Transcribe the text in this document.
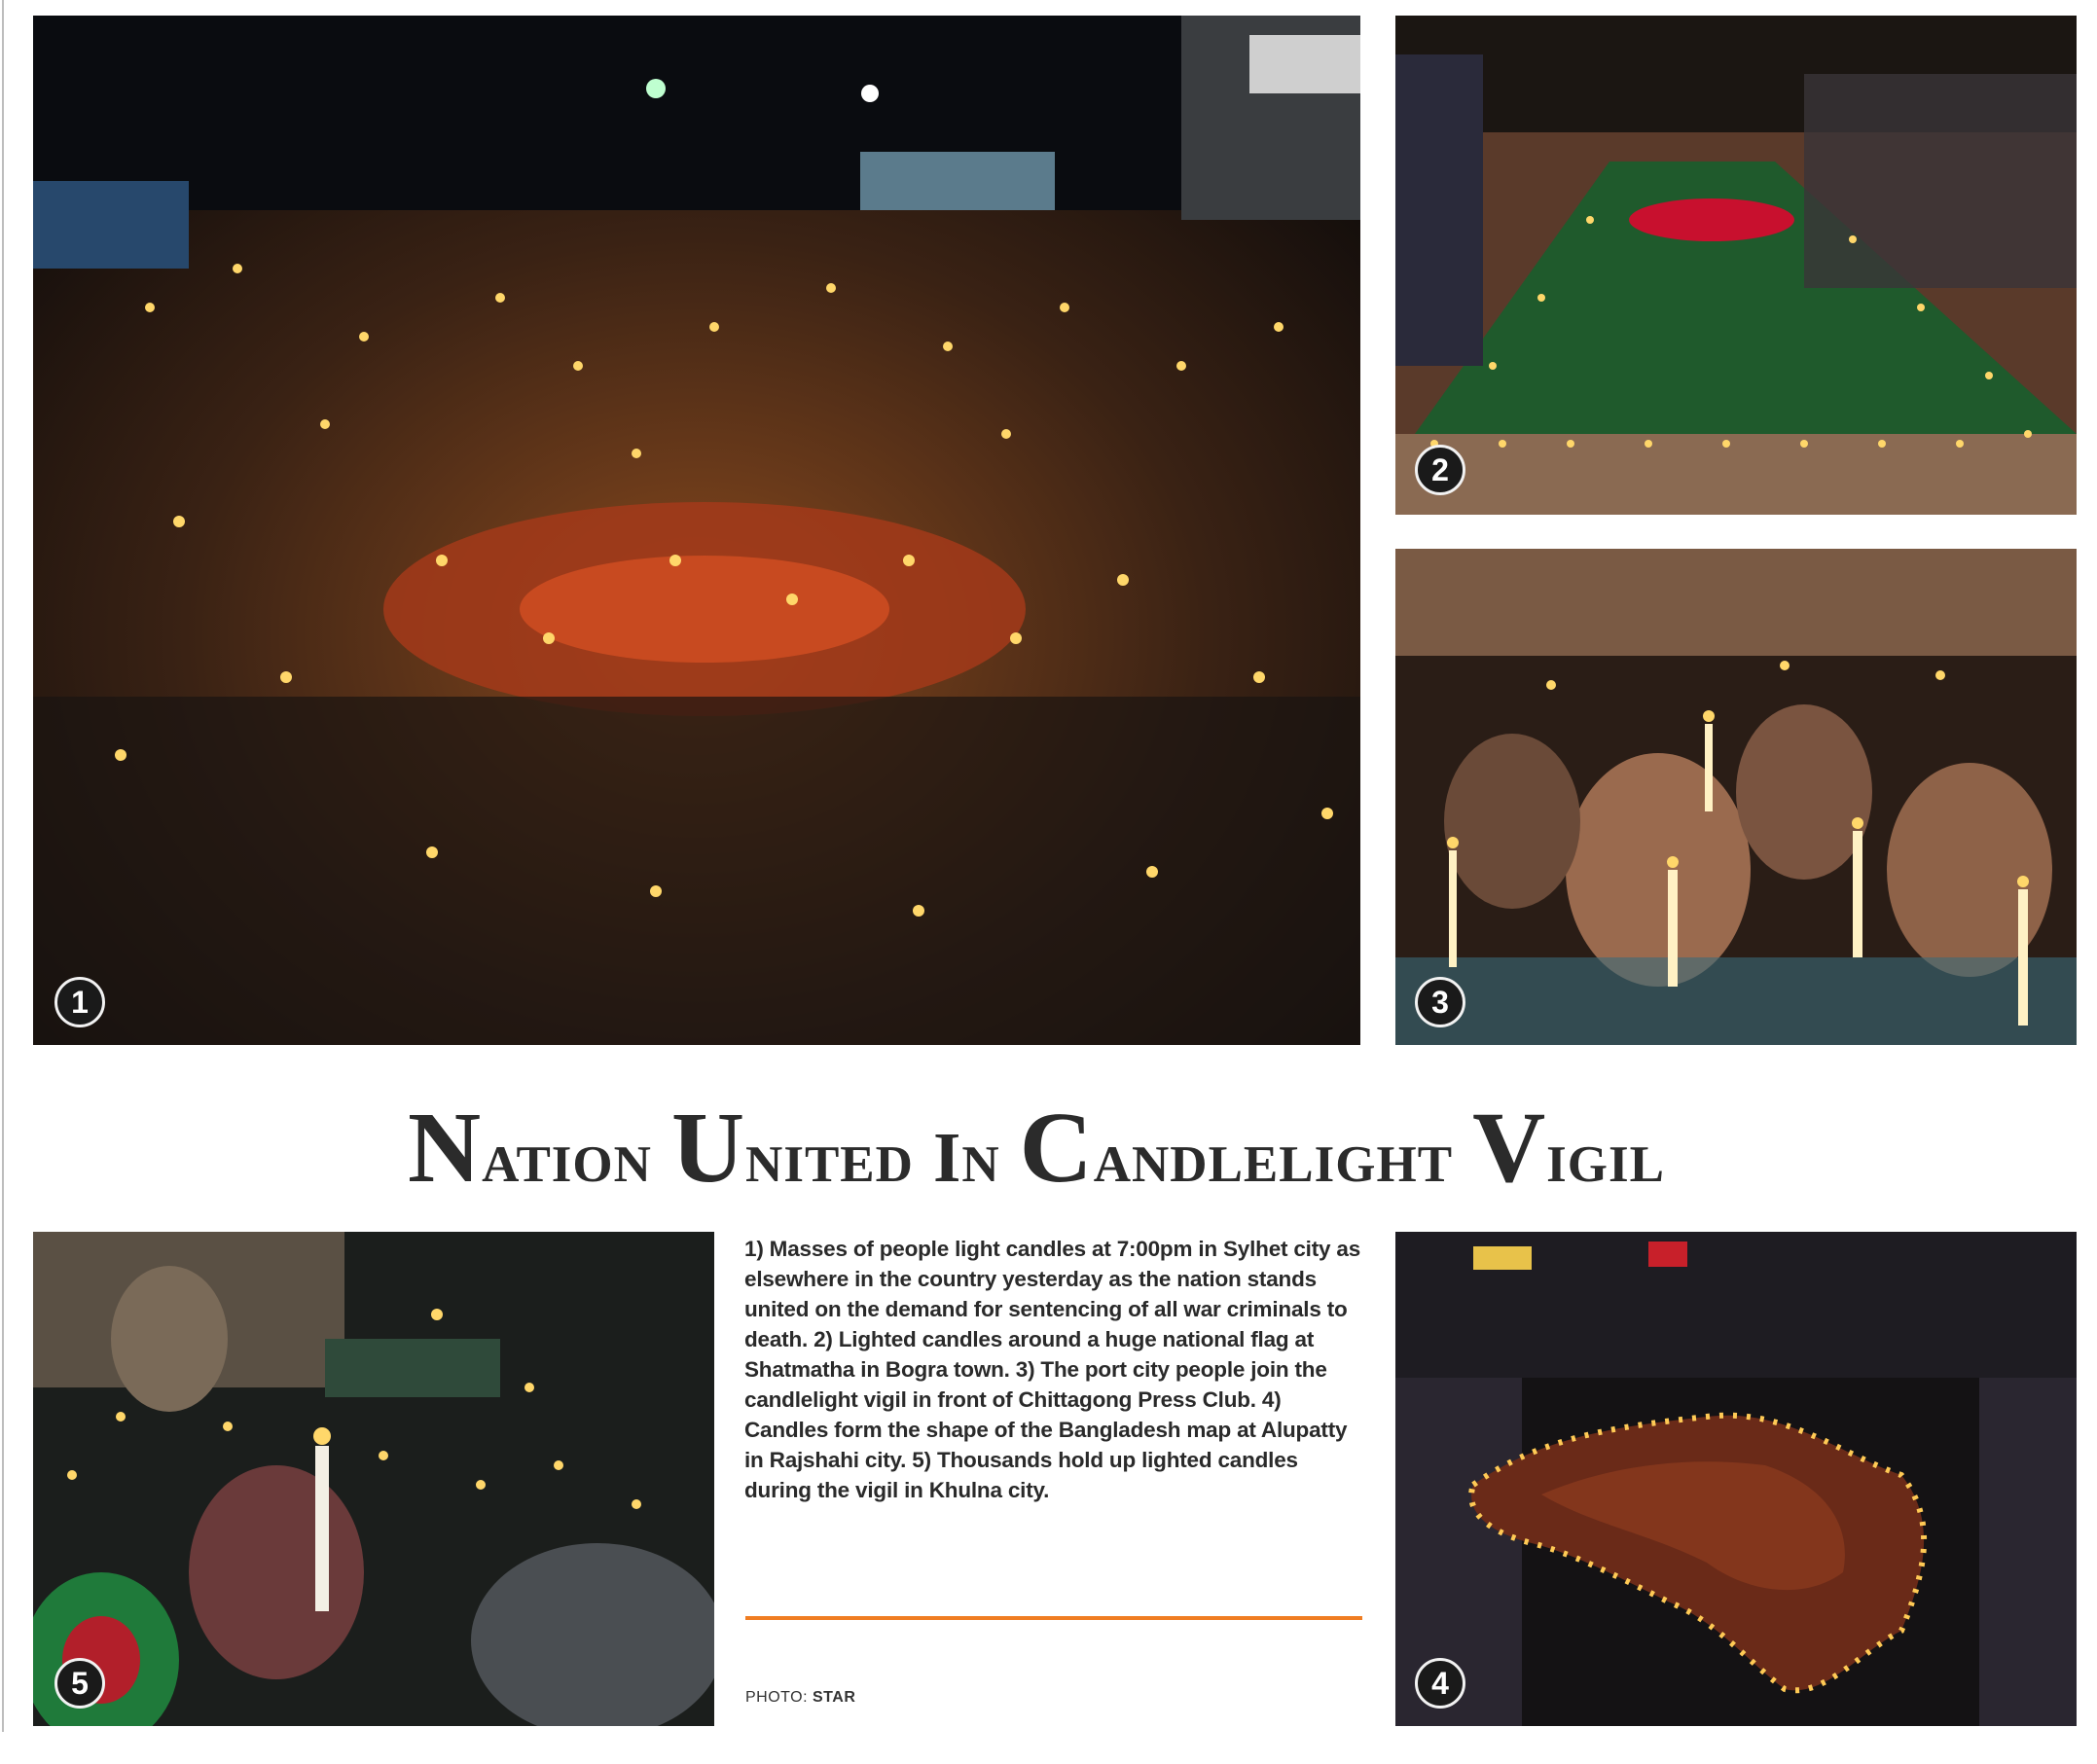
1
2
3
Nation United in Candlelight Vigil
5
1) Masses of people light candles at 7:00pm in Sylhet city as elsewhere in the country yesterday as the nation stands united on the demand for sentencing of all war criminals to death. 2) Lighted candles around a huge national flag at Shatmatha in Bogra town. 3) The port city people join the candlelight vigil in front of Chittagong Press Club. 4) Candles form the shape of the Bangladesh map at Alupatty in Rajshahi city. 5) Thousands hold up lighted candles during the vigil in Khulna city.
PHOTO: STAR	4
